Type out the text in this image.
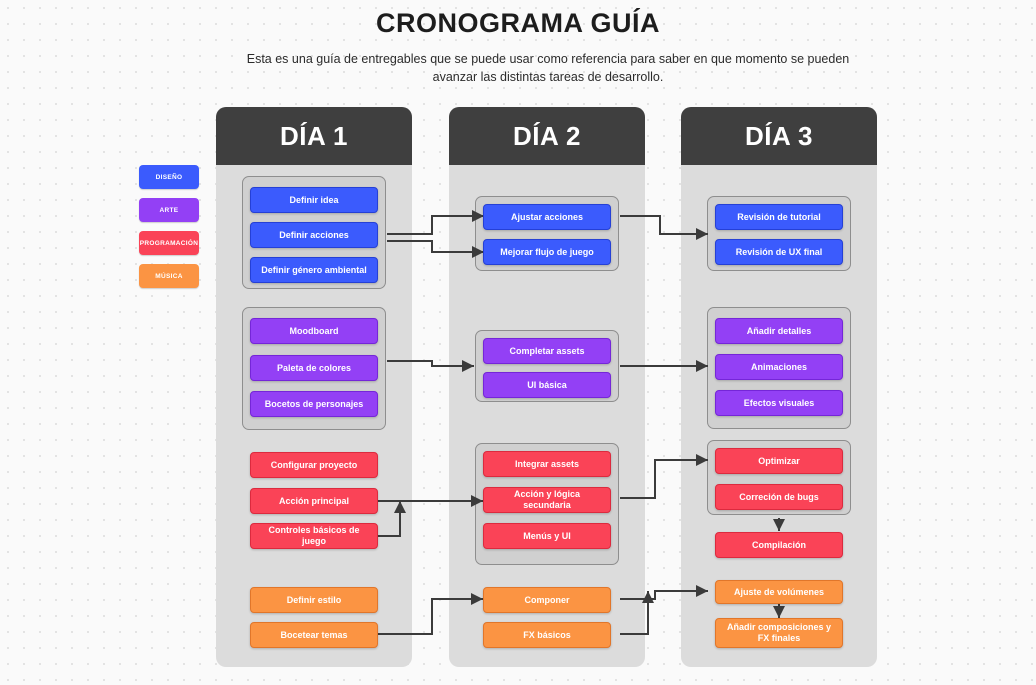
CRONOGRAMA GUÍA
Esta es una guía de entregables que se puede usar como referencia para saber en que momento se pueden avanzar las distintas tareas de desarrollo.
DISEÑO
ARTE
PROGRAMACIÓN
MÚSICA
DÍA 1	DÍA 2	DÍA 3
Definir idea
Definir acciones
Definir género ambiental
Moodboard
Paleta de colores
Bocetos de personajes
Configurar proyecto
Acción principal
Controles básicos de juego
Definir estilo
Bocetear temas
Ajustar acciones
Mejorar flujo de juego
Completar assets
UI básica
Integrar assets
Acción y lógica secundaria
Menús y UI
Componer
FX básicos
Revisión de tutorial
Revisión de UX final
Añadir detalles
Animaciones
Efectos visuales
Optimizar
Correción de bugs
Compilación
Ajuste de volúmenes
Añadir composiciones y FX finales
